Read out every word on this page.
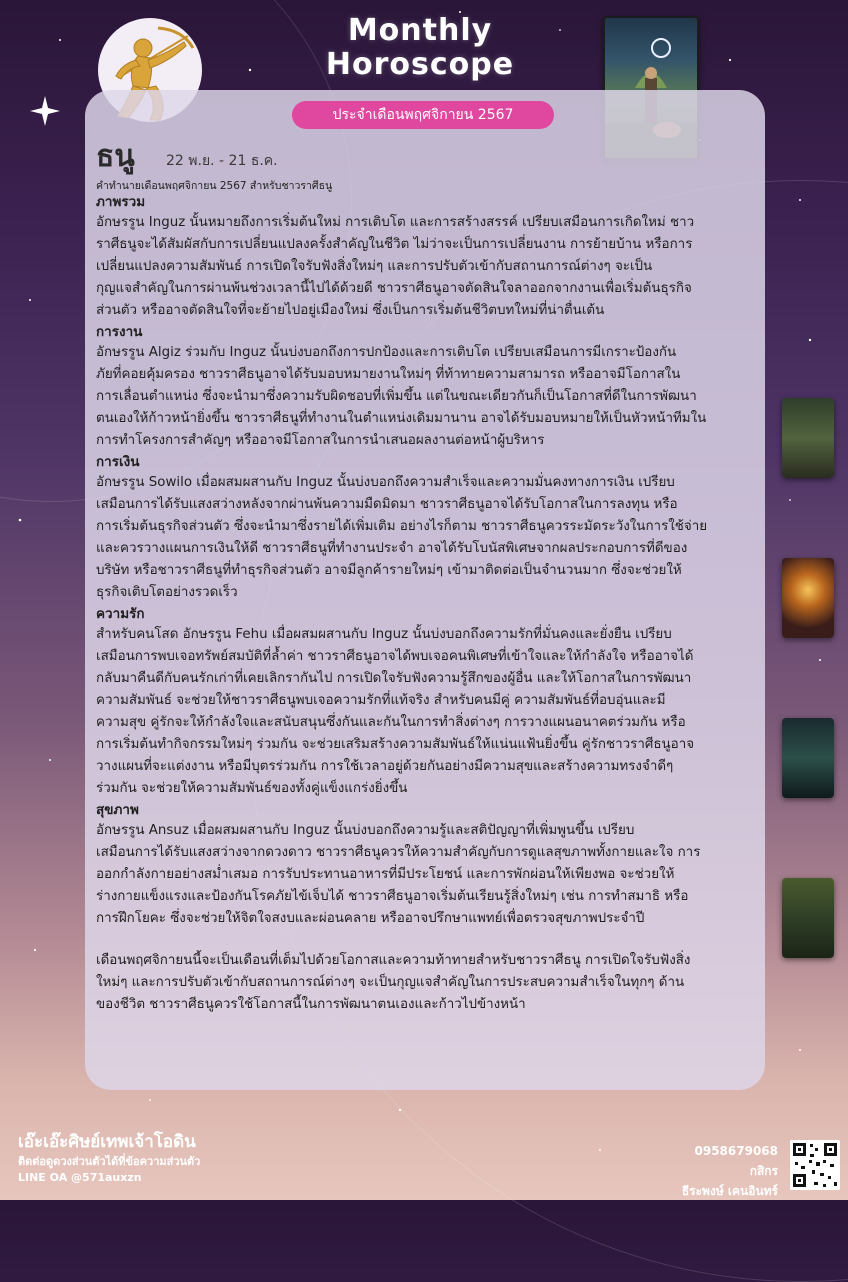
Monthly
Horoscope
ประจำเดือนพฤศจิกายน 2567
ธนู 22 พ.ย. - 21 ธ.ค.
คำทำนายเดือนพฤศจิกายน 2567 สำหรับชาวราศีธนู

ภาพรวม

อักษรรูน Inguz นั้นหมายถึงการเริ่มต้นใหม่ การเติบโต และการสร้างสรรค์ เปรียบเสมือนการเกิดใหม่ ชาว
ราศีธนูจะได้สัมผัสกับการเปลี่ยนแปลงครั้งสำคัญในชีวิต ไม่ว่าจะเป็นการเปลี่ยนงาน การย้ายบ้าน หรือการ
เปลี่ยนแปลงความสัมพันธ์ การเปิดใจรับฟังสิ่งใหม่ๆ และการปรับตัวเข้ากับสถานการณ์ต่างๆ จะเป็น
กุญแจสำคัญในการผ่านพ้นช่วงเวลานี้ไปได้ด้วยดี ชาวราศีธนูอาจตัดสินใจลาออกจากงานเพื่อเริ่มต้นธุรกิจ
ส่วนตัว หรืออาจตัดสินใจที่จะย้ายไปอยู่เมืองใหม่ ซึ่งเป็นการเริ่มต้นชีวิตบทใหม่ที่น่าตื่นเต้น

การงาน

อักษรรูน Algiz ร่วมกับ Inguz นั้นบ่งบอกถึงการปกป้องและการเติบโต เปรียบเสมือนการมีเกราะป้องกัน
ภัยที่คอยคุ้มครอง ชาวราศีธนูอาจได้รับมอบหมายงานใหม่ๆ ที่ท้าทายความสามารถ หรืออาจมีโอกาสใน
การเลื่อนตำแหน่ง ซึ่งจะนำมาซึ่งความรับผิดชอบที่เพิ่มขึ้น แต่ในขณะเดียวกันก็เป็นโอกาสที่ดีในการพัฒนา
ตนเองให้ก้าวหน้ายิ่งขึ้น ชาวราศีธนูที่ทำงานในตำแหน่งเดิมมานาน อาจได้รับมอบหมายให้เป็นหัวหน้าทีมใน
การทำโครงการสำคัญๆ หรืออาจมีโอกาสในการนำเสนอผลงานต่อหน้าผู้บริหาร

การเงิน

อักษรรูน Sowilo เมื่อผสมผสานกับ Inguz นั้นบ่งบอกถึงความสำเร็จและความมั่นคงทางการเงิน เปรียบ
เสมือนการได้รับแสงสว่างหลังจากผ่านพ้นความมืดมิดมา ชาวราศีธนูอาจได้รับโอกาสในการลงทุน หรือ
การเริ่มต้นธุรกิจส่วนตัว ซึ่งจะนำมาซึ่งรายได้เพิ่มเติม อย่างไรก็ตาม ชาวราศีธนูควรระมัดระวังในการใช้จ่าย
และควรวางแผนการเงินให้ดี ชาวราศีธนูที่ทำงานประจำ อาจได้รับโบนัสพิเศษจากผลประกอบการที่ดีของ
บริษัท หรือชาวราศีธนูที่ทำธุรกิจส่วนตัว อาจมีลูกค้ารายใหม่ๆ เข้ามาติดต่อเป็นจำนวนมาก ซึ่งจะช่วยให้
ธุรกิจเติบโตอย่างรวดเร็ว

ความรัก

สำหรับคนโสด อักษรรูน Fehu เมื่อผสมผสานกับ Inguz นั้นบ่งบอกถึงความรักที่มั่นคงและยั่งยืน เปรียบ
เสมือนการพบเจอทรัพย์สมบัติที่ล้ำค่า ชาวราศีธนูอาจได้พบเจอคนพิเศษที่เข้าใจและให้กำลังใจ หรืออาจได้
กลับมาคืนดีกับคนรักเก่าที่เคยเลิกรากันไป การเปิดใจรับฟังความรู้สึกของผู้อื่น และให้โอกาสในการพัฒนา
ความสัมพันธ์ จะช่วยให้ชาวราศีธนูพบเจอความรักที่แท้จริง สำหรับคนมีคู่ ความสัมพันธ์ที่อบอุ่นและมี
ความสุข คู่รักจะให้กำลังใจและสนับสนุนซึ่งกันและกันในการทำสิ่งต่างๆ การวางแผนอนาคตร่วมกัน หรือ
การเริ่มต้นทำกิจกรรมใหม่ๆ ร่วมกัน จะช่วยเสริมสร้างความสัมพันธ์ให้แน่นแฟ้นยิ่งขึ้น คู่รักชาวราศีธนูอาจ
วางแผนที่จะแต่งงาน หรือมีบุตรร่วมกัน การใช้เวลาอยู่ด้วยกันอย่างมีความสุขและสร้างความทรงจำดีๆ
ร่วมกัน จะช่วยให้ความสัมพันธ์ของทั้งคู่แข็งแกร่งยิ่งขึ้น

สุขภาพ

อักษรรูน Ansuz เมื่อผสมผสานกับ Inguz นั้นบ่งบอกถึงความรู้และสติปัญญาที่เพิ่มพูนขึ้น เปรียบ
เสมือนการได้รับแสงสว่างจากดวงดาว ชาวราศีธนูควรให้ความสำคัญกับการดูแลสุขภาพทั้งกายและใจ การ
ออกกำลังกายอย่างสม่ำเสมอ การรับประทานอาหารที่มีประโยชน์ และการพักผ่อนให้เพียงพอ จะช่วยให้
ร่างกายแข็งแรงและป้องกันโรคภัยไข้เจ็บได้ ชาวราศีธนูอาจเริ่มต้นเรียนรู้สิ่งใหม่ๆ เช่น การทำสมาธิ หรือ
การฝึกโยคะ ซึ่งจะช่วยให้จิตใจสงบและผ่อนคลาย หรืออาจปรึกษาแพทย์เพื่อตรวจสุขภาพประจำปี

เดือนพฤศจิกายนนี้จะเป็นเดือนที่เต็มไปด้วยโอกาสและความท้าทายสำหรับชาวราศีธนู การเปิดใจรับฟังสิ่ง
ใหม่ๆ และการปรับตัวเข้ากับสถานการณ์ต่างๆ จะเป็นกุญแจสำคัญในการประสบความสำเร็จในทุกๆ ด้าน
ของชีวิต ชาวราศีธนูควรใช้โอกาสนี้ในการพัฒนาตนเองและก้าวไปข้างหน้า

เอ๊ะเอ๊ะศิษย์เทพเจ้าโอดิน
ติดต่อดูดวงส่วนตัวได้ที่ข้อความส่วนตัว
LINE OA @571auxzn
0958679068
กสิกร
ธีระพงษ์ เคนอินทร์
